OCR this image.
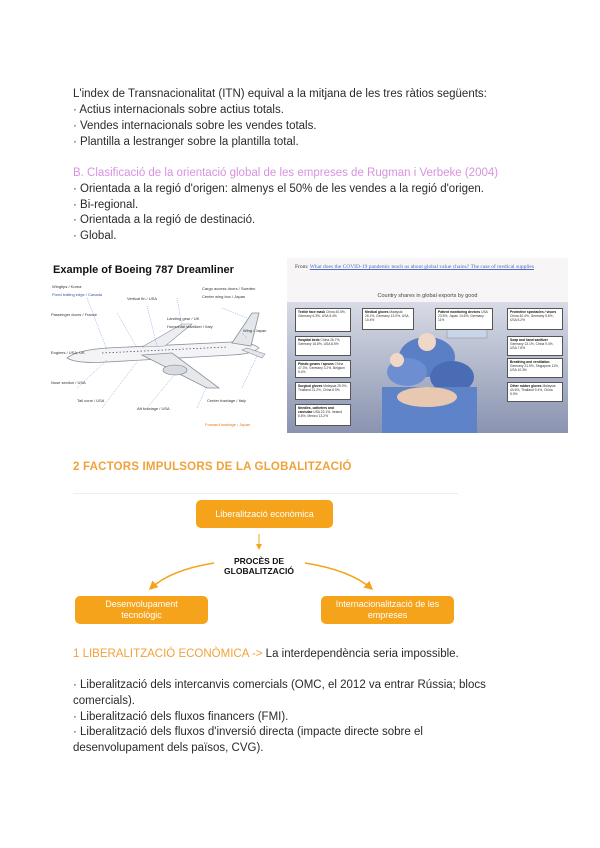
L'index de Transnacionalitat (ITN) equival a la mitjana de les tres ràtios següents:
· Actius internacionals sobre actius totals.
· Vendes internacionals sobre les vendes totals.
· Plantilla a lestranger sobre la plantilla total.
B. Clasificació de la orientació global de les empreses de Rugman i Verbeke (2004)
· Orientada a la regió d'origen: almenys el 50% de les vendes a la regió d'origen.
· Bi-regional.
· Orientada a la regió de destinació.
· Global.
Example of Boeing 787 Dreamliner
Wingtips / Korea
Fixed trailing edge / Canada
Vertical fin / USA
Cargo access doors / Sweden
Center wing box / Japan
Passenger doors / France
Landing gear / UK
Horizontal stabilizer / Italy
Wing / Japan
Engines / USA, UK
Nose section / USA
Tail cone / USA
Aft fuselage / USA
Center fuselage / Italy
Forward fuselage / Japan
From: What does the COVID-19 pandemic teach us about global value chains? The case of medical supplies
Country shares in global exports by good
Textile face mask China 40.5%, Germany 6.3%, USA 5.4%
Medical gloves Malaysia 26.1%, Germany 13.0%, USA 10.4%
Patient monitoring devices USA 23.5%, Japan 14.6%, Germany 11%
Protective spectacles / visors China 40.4%, Germany 5.6%, USA 5.2%
Hospital beds China 26.7%, Germany 16.8%, USA 8.5%
Soap and hand sanitizer Germany 13.1%, China 9.4%, USA 7.8%
Plastic gowns / aprons China 47.3%, Germany 3.2%, Belgium 5.4%
Surgical gloves Malaysia 25.0%, Thailand 21.2%, China 6.5%
Needles, catheters and cannulae USA 22.1%, Ireland 8.8%, Mexico 13.2%
Breathing and ventilation Germany 21.5%, Singapore 11%, USA 10.3%
Other rubber gloves Malaysia 40.6%, Thailand 9.4%, China 5.9%
2 FACTORS IMPULSORS DE LA GLOBALITZACIÓ
Liberalització econòmica
PROCÈS DE
GLOBALITZACIÓ
Desenvolupament tecnològic
Internacionalització de les empreses
1 LIBERALITZACIÓ ECONÒMICA -> La interdependència seria impossible.
· Liberalització dels intercanvis comercials (OMC, el 2012 va entrar Rússia; blocs
comercials).
· Liberalització dels fluxos financers (FMI).
· Liberalització dels fluxos d'inversió directa (impacte directe sobre el
desenvolupament dels països, CVG).
